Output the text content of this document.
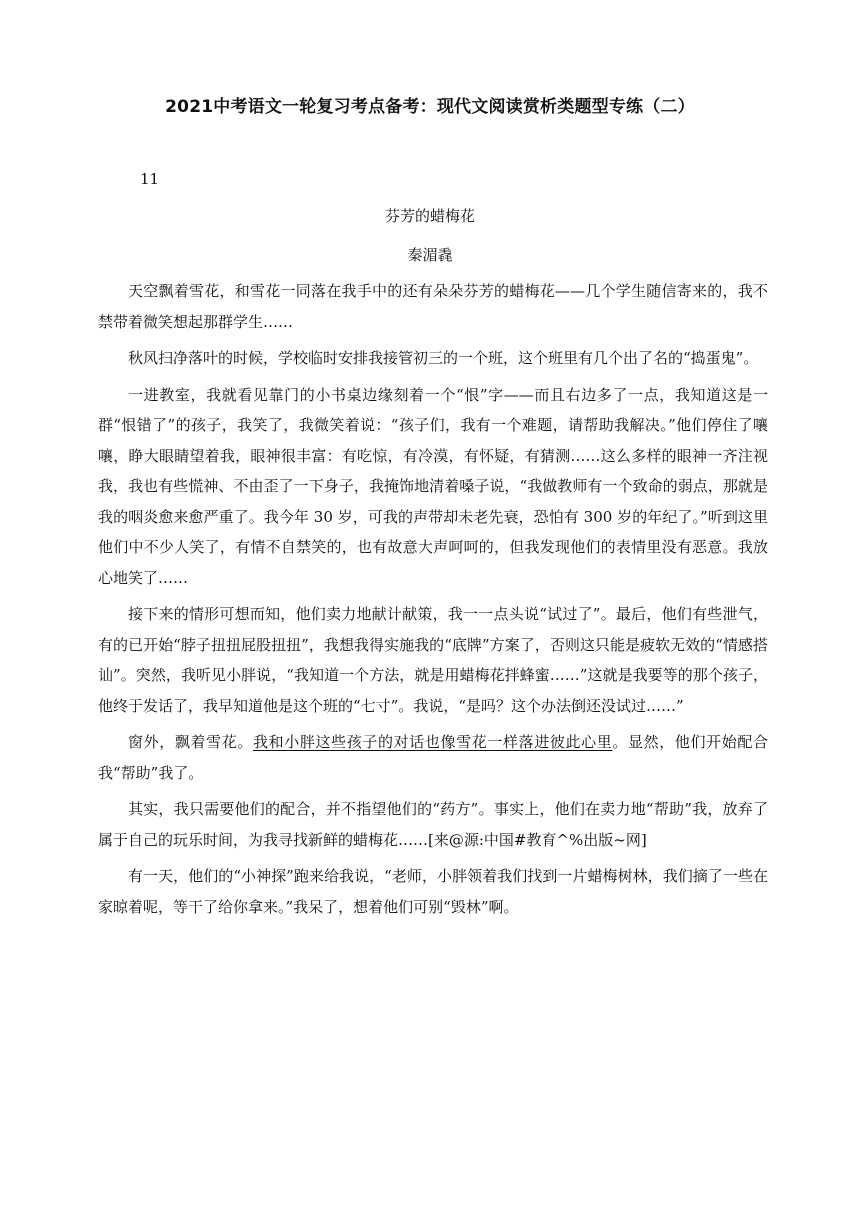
2021中考语文一轮复习考点备考：现代文阅读赏析类题型专练（二）
11
芬芳的蜡梅花
秦湄毳

天空飘着雪花，和雪花一同落在我手中的还有朵朵芬芳的蜡梅花——几个学生随信寄来的，我不禁带着微笑想起那群学生……

秋风扫净落叶的时候，学校临时安排我接管初三的一个班，这个班里有几个出了名的“捣蛋鬼”。

一进教室，我就看见靠门的小书桌边缘刻着一个“恨”字——而且右边多了一点，我知道这是一群“恨错了”的孩子，我笑了，我微笑着说：“孩子们，我有一个难题，请帮助我解决。”他们停住了嚷嚷，睁大眼睛望着我，眼神很丰富：有吃惊，有冷漠，有怀疑，有猜测……这么多样的眼神一齐注视我，我也有些慌神、不由歪了一下身子，我掩饰地清着嗓子说，“我做教师有一个致命的弱点，那就是我的咽炎愈来愈严重了。我今年 30 岁，可我的声带却未老先衰，恐怕有 300 岁的年纪了。”听到这里他们中不少人笑了，有情不自禁笑的，也有故意大声呵呵的，但我发现他们的表情里没有恶意。我放心地笑了……

接下来的情形可想而知，他们卖力地献计献策，我一一点头说“试过了”。最后，他们有些泄气，有的已开始“脖子扭扭屁股扭扭”，我想我得实施我的“底牌”方案了，否则这只能是疲软无效的“情感搭讪”。突然，我听见小胖说，“我知道一个方法，就是用蜡梅花拌蜂蜜……”这就是我要等的那个孩子，他终于发话了，我早知道他是这个班的“七寸”。我说，“是吗？这个办法倒还没试过……”

窗外，飘着雪花。我和小胖这些孩子的对话也像雪花一样落进彼此心里。显然，他们开始配合我“帮助”我了。

其实，我只需要他们的配合，并不指望他们的“药方”。事实上，他们在卖力地“帮助”我，放弃了属于自己的玩乐时间，为我寻找新鲜的蜡梅花……[来@源:中国#教育^%出版~网]

有一天，他们的“小神探”跑来给我说，“老师，小胖领着我们找到一片蜡梅树林，我们摘了一些在家晾着呢，等干了给你拿来。”我呆了，想着他们可别“毁林”啊。
